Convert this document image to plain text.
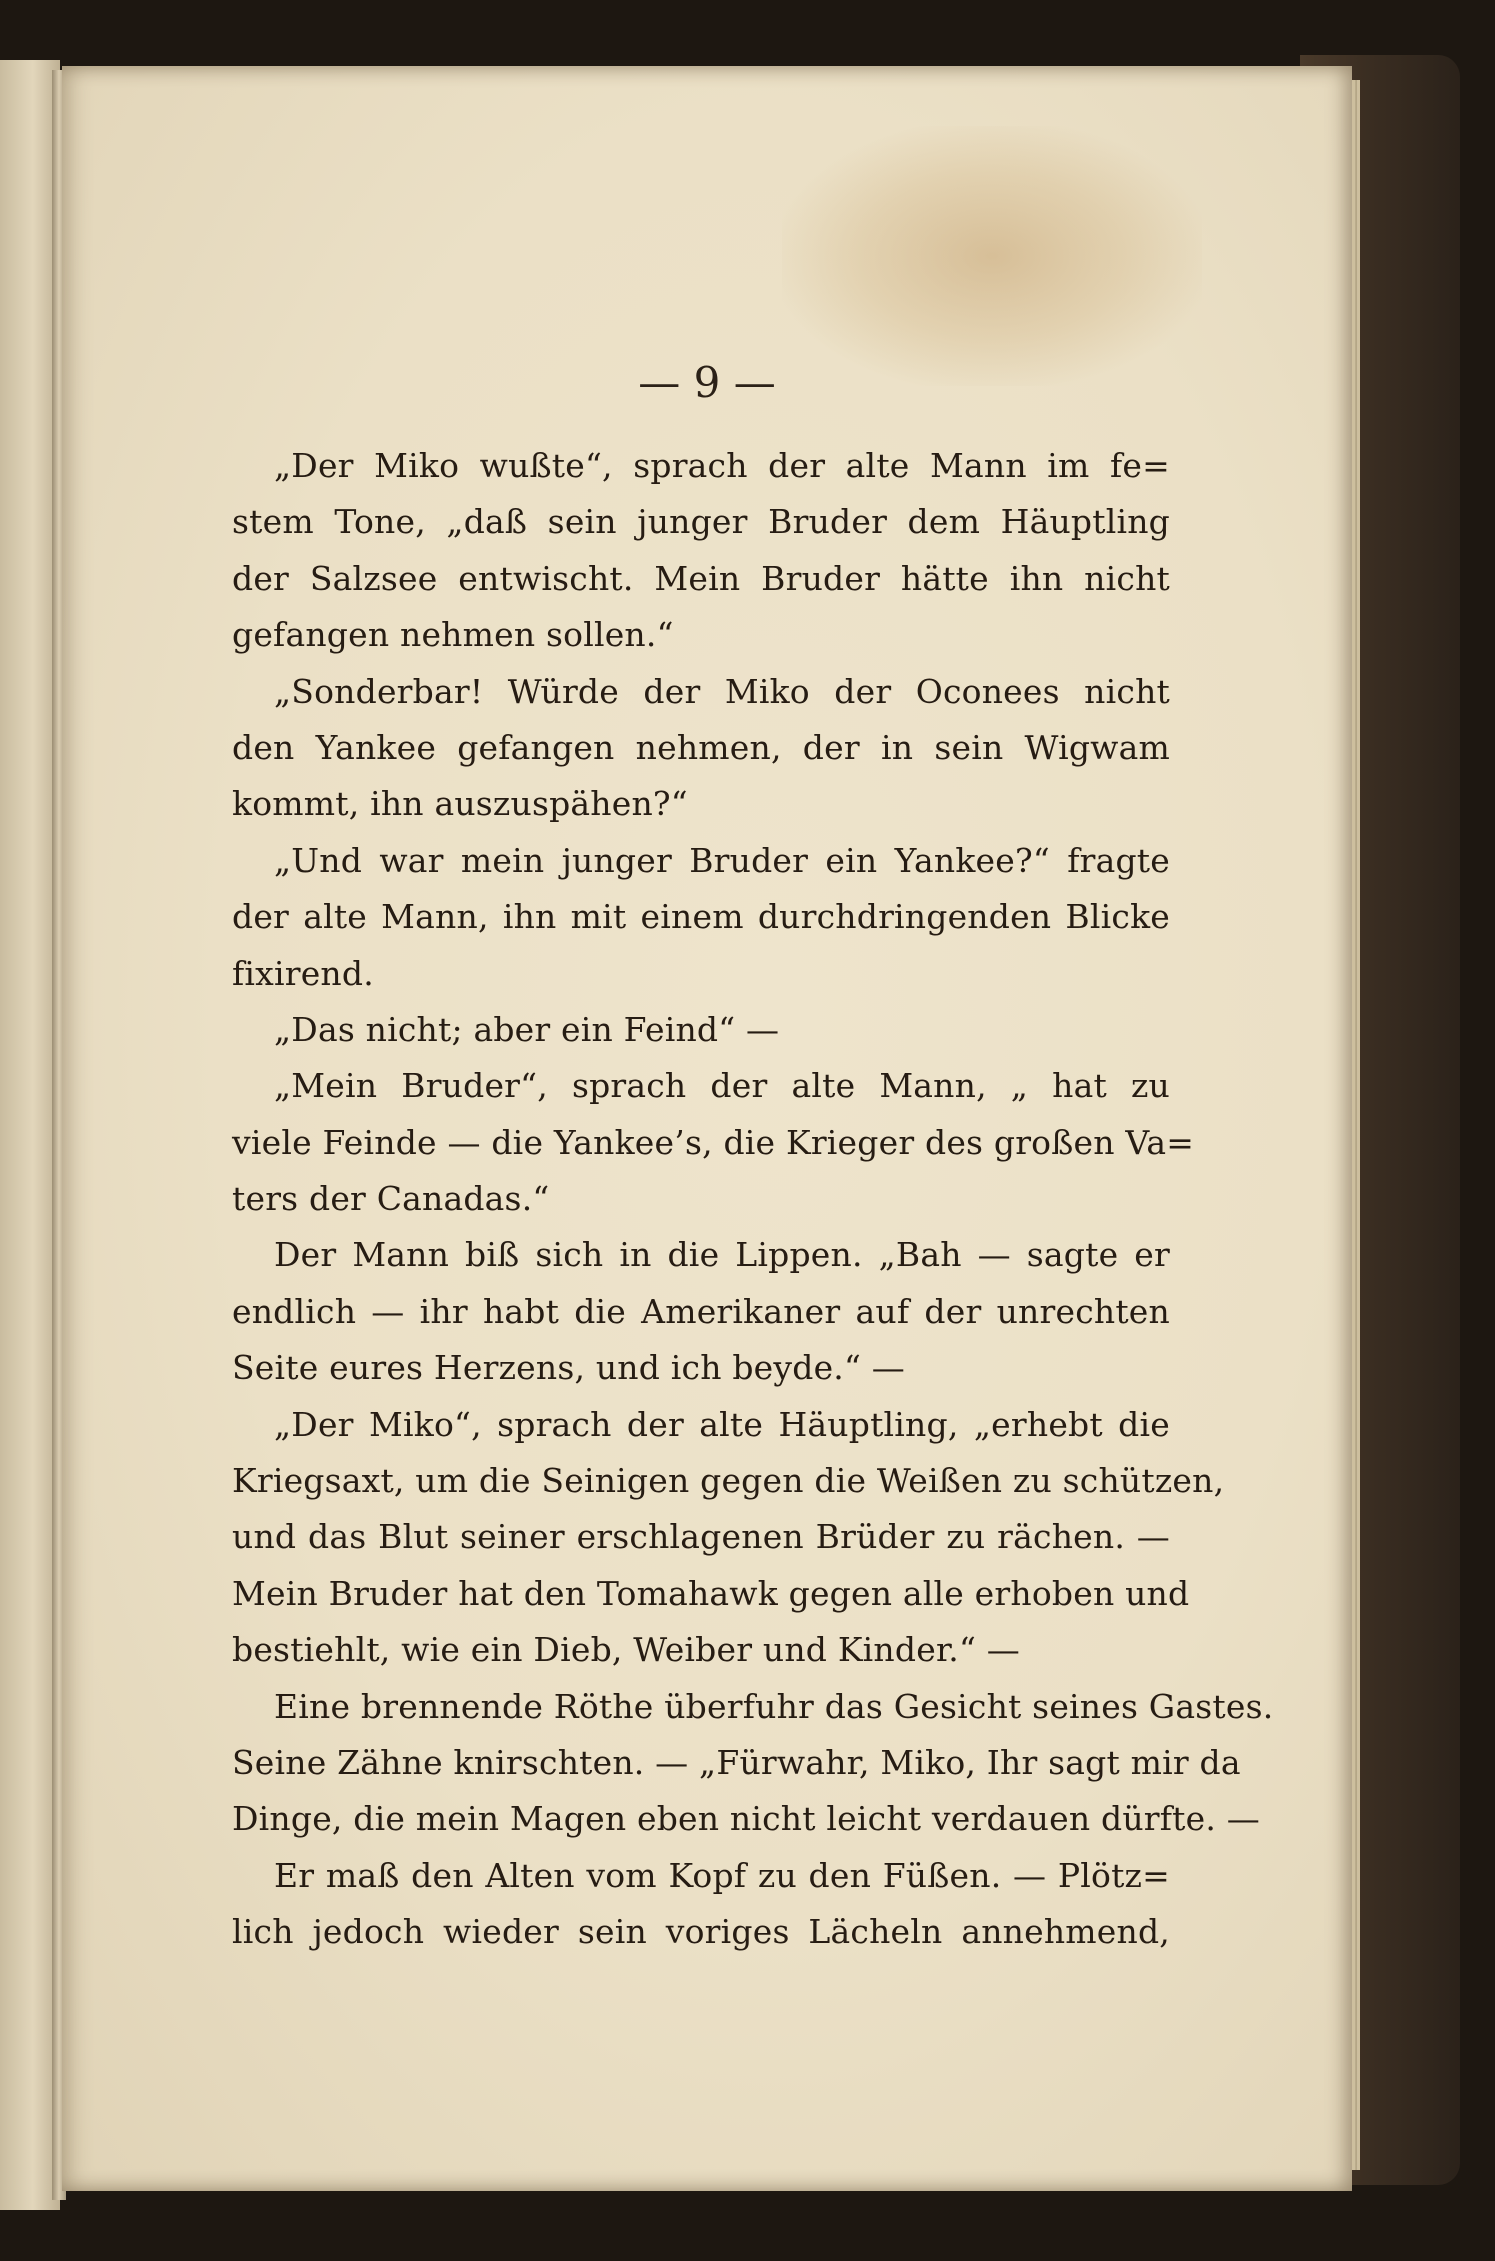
— 9 —
„Der Miko wußte“, sprach der alte Mann im fe=
stem Tone, „daß sein junger Bruder dem Häuptling
der Salzsee entwischt. Mein Bruder hätte ihn nicht
gefangen nehmen sollen.“
„Sonderbar! Würde der Miko der Oconees nicht
den Yankee gefangen nehmen, der in sein Wigwam
kommt, ihn auszuspähen?“
„Und war mein junger Bruder ein Yankee?“ fragte
der alte Mann, ihn mit einem durchdringenden Blicke
fixirend.
„Das nicht; aber ein Feind“ —
„Mein Bruder“, sprach der alte Mann, „ hat zu
viele Feinde — die Yankee’s, die Krieger des großen Va=
ters der Canadas.“
Der Mann biß sich in die Lippen. „Bah — sagte er
endlich — ihr habt die Amerikaner auf der unrechten
Seite eures Herzens, und ich beyde.“ —
„Der Miko“, sprach der alte Häuptling, „erhebt die
Kriegsaxt, um die Seinigen gegen die Weißen zu schützen,
und das Blut seiner erschlagenen Brüder zu rächen. —
Mein Bruder hat den Tomahawk gegen alle erhoben und
bestiehlt, wie ein Dieb, Weiber und Kinder.“ —
Eine brennende Röthe überfuhr das Gesicht seines Gastes.
Seine Zähne knirschten. — „Fürwahr, Miko, Ihr sagt mir da
Dinge, die mein Magen eben nicht leicht verdauen dürfte. —
Er maß den Alten vom Kopf zu den Füßen. — Plötz=
lich jedoch wieder sein voriges Lächeln annehmend,
